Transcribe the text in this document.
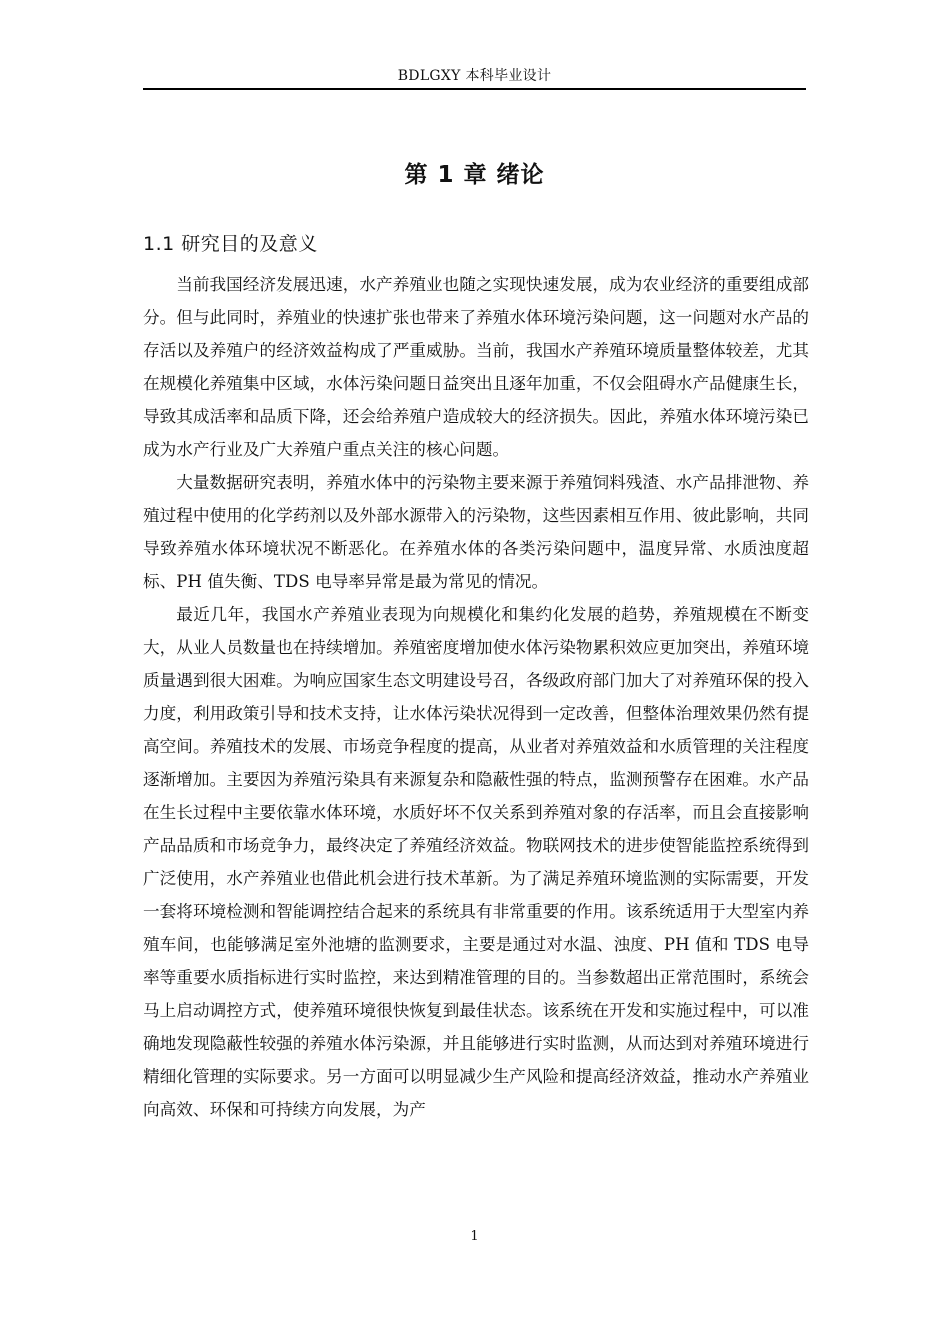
BDLGXY 本科毕业设计
第 1 章 绪论
1.1 研究目的及意义

当前我国经济发展迅速，水产养殖业也随之实现快速发展，成为农业经济的重要组成部分。但与此同时，养殖业的快速扩张也带来了养殖水体环境污染问题，这一问题对水产品的存活以及养殖户的经济效益构成了严重威胁。当前，我国水产养殖环境质量整体较差，尤其在规模化养殖集中区域，水体污染问题日益突出且逐年加重，不仅会阻碍水产品健康生长，导致其成活率和品质下降，还会给养殖户造成较大的经济损失。因此，养殖水体环境污染已成为水产行业及广大养殖户重点关注的核心问题。

大量数据研究表明，养殖水体中的污染物主要来源于养殖饲料残渣、水产品排泄物、养殖过程中使用的化学药剂以及外部水源带入的污染物，这些因素相互作用、彼此影响，共同导致养殖水体环境状况不断恶化。在养殖水体的各类污染问题中，温度异常、水质浊度超标、PH 值失衡、TDS 电导率异常是最为常见的情况。

最近几年，我国水产养殖业表现为向规模化和集约化发展的趋势，养殖规模在不断变大，从业人员数量也在持续增加。养殖密度增加使水体污染物累积效应更加突出，养殖环境质量遇到很大困难。为响应国家生态文明建设号召，各级政府部门加大了对养殖环保的投入力度，利用政策引导和技术支持，让水体污染状况得到一定改善，但整体治理效果仍然有提高空间。养殖技术的发展、市场竞争程度的提高，从业者对养殖效益和水质管理的关注程度逐渐增加。主要因为养殖污染具有来源复杂和隐蔽性强的特点，监测预警存在困难。水产品在生长过程中主要依靠水体环境，水质好坏不仅关系到养殖对象的存活率，而且会直接影响产品品质和市场竞争力，最终决定了养殖经济效益。物联网技术的进步使智能监控系统得到广泛使用，水产养殖业也借此机会进行技术革新。为了满足养殖环境监测的实际需要，开发一套将环境检测和智能调控结合起来的系统具有非常重要的作用。该系统适用于大型室内养殖车间，也能够满足室外池塘的监测要求，主要是通过对水温、浊度、PH 值和 TDS 电导率等重要水质指标进行实时监控，来达到精准管理的目的。当参数超出正常范围时，系统会马上启动调控方式，使养殖环境很快恢复到最佳状态。该系统在开发和实施过程中，可以准确地发现隐蔽性较强的养殖水体污染源，并且能够进行实时监测，从而达到对养殖环境进行精细化管理的实际要求。另一方面可以明显减少生产风险和提高经济效益，推动水产养殖业向高效、环保和可持续方向发展，为产

1
